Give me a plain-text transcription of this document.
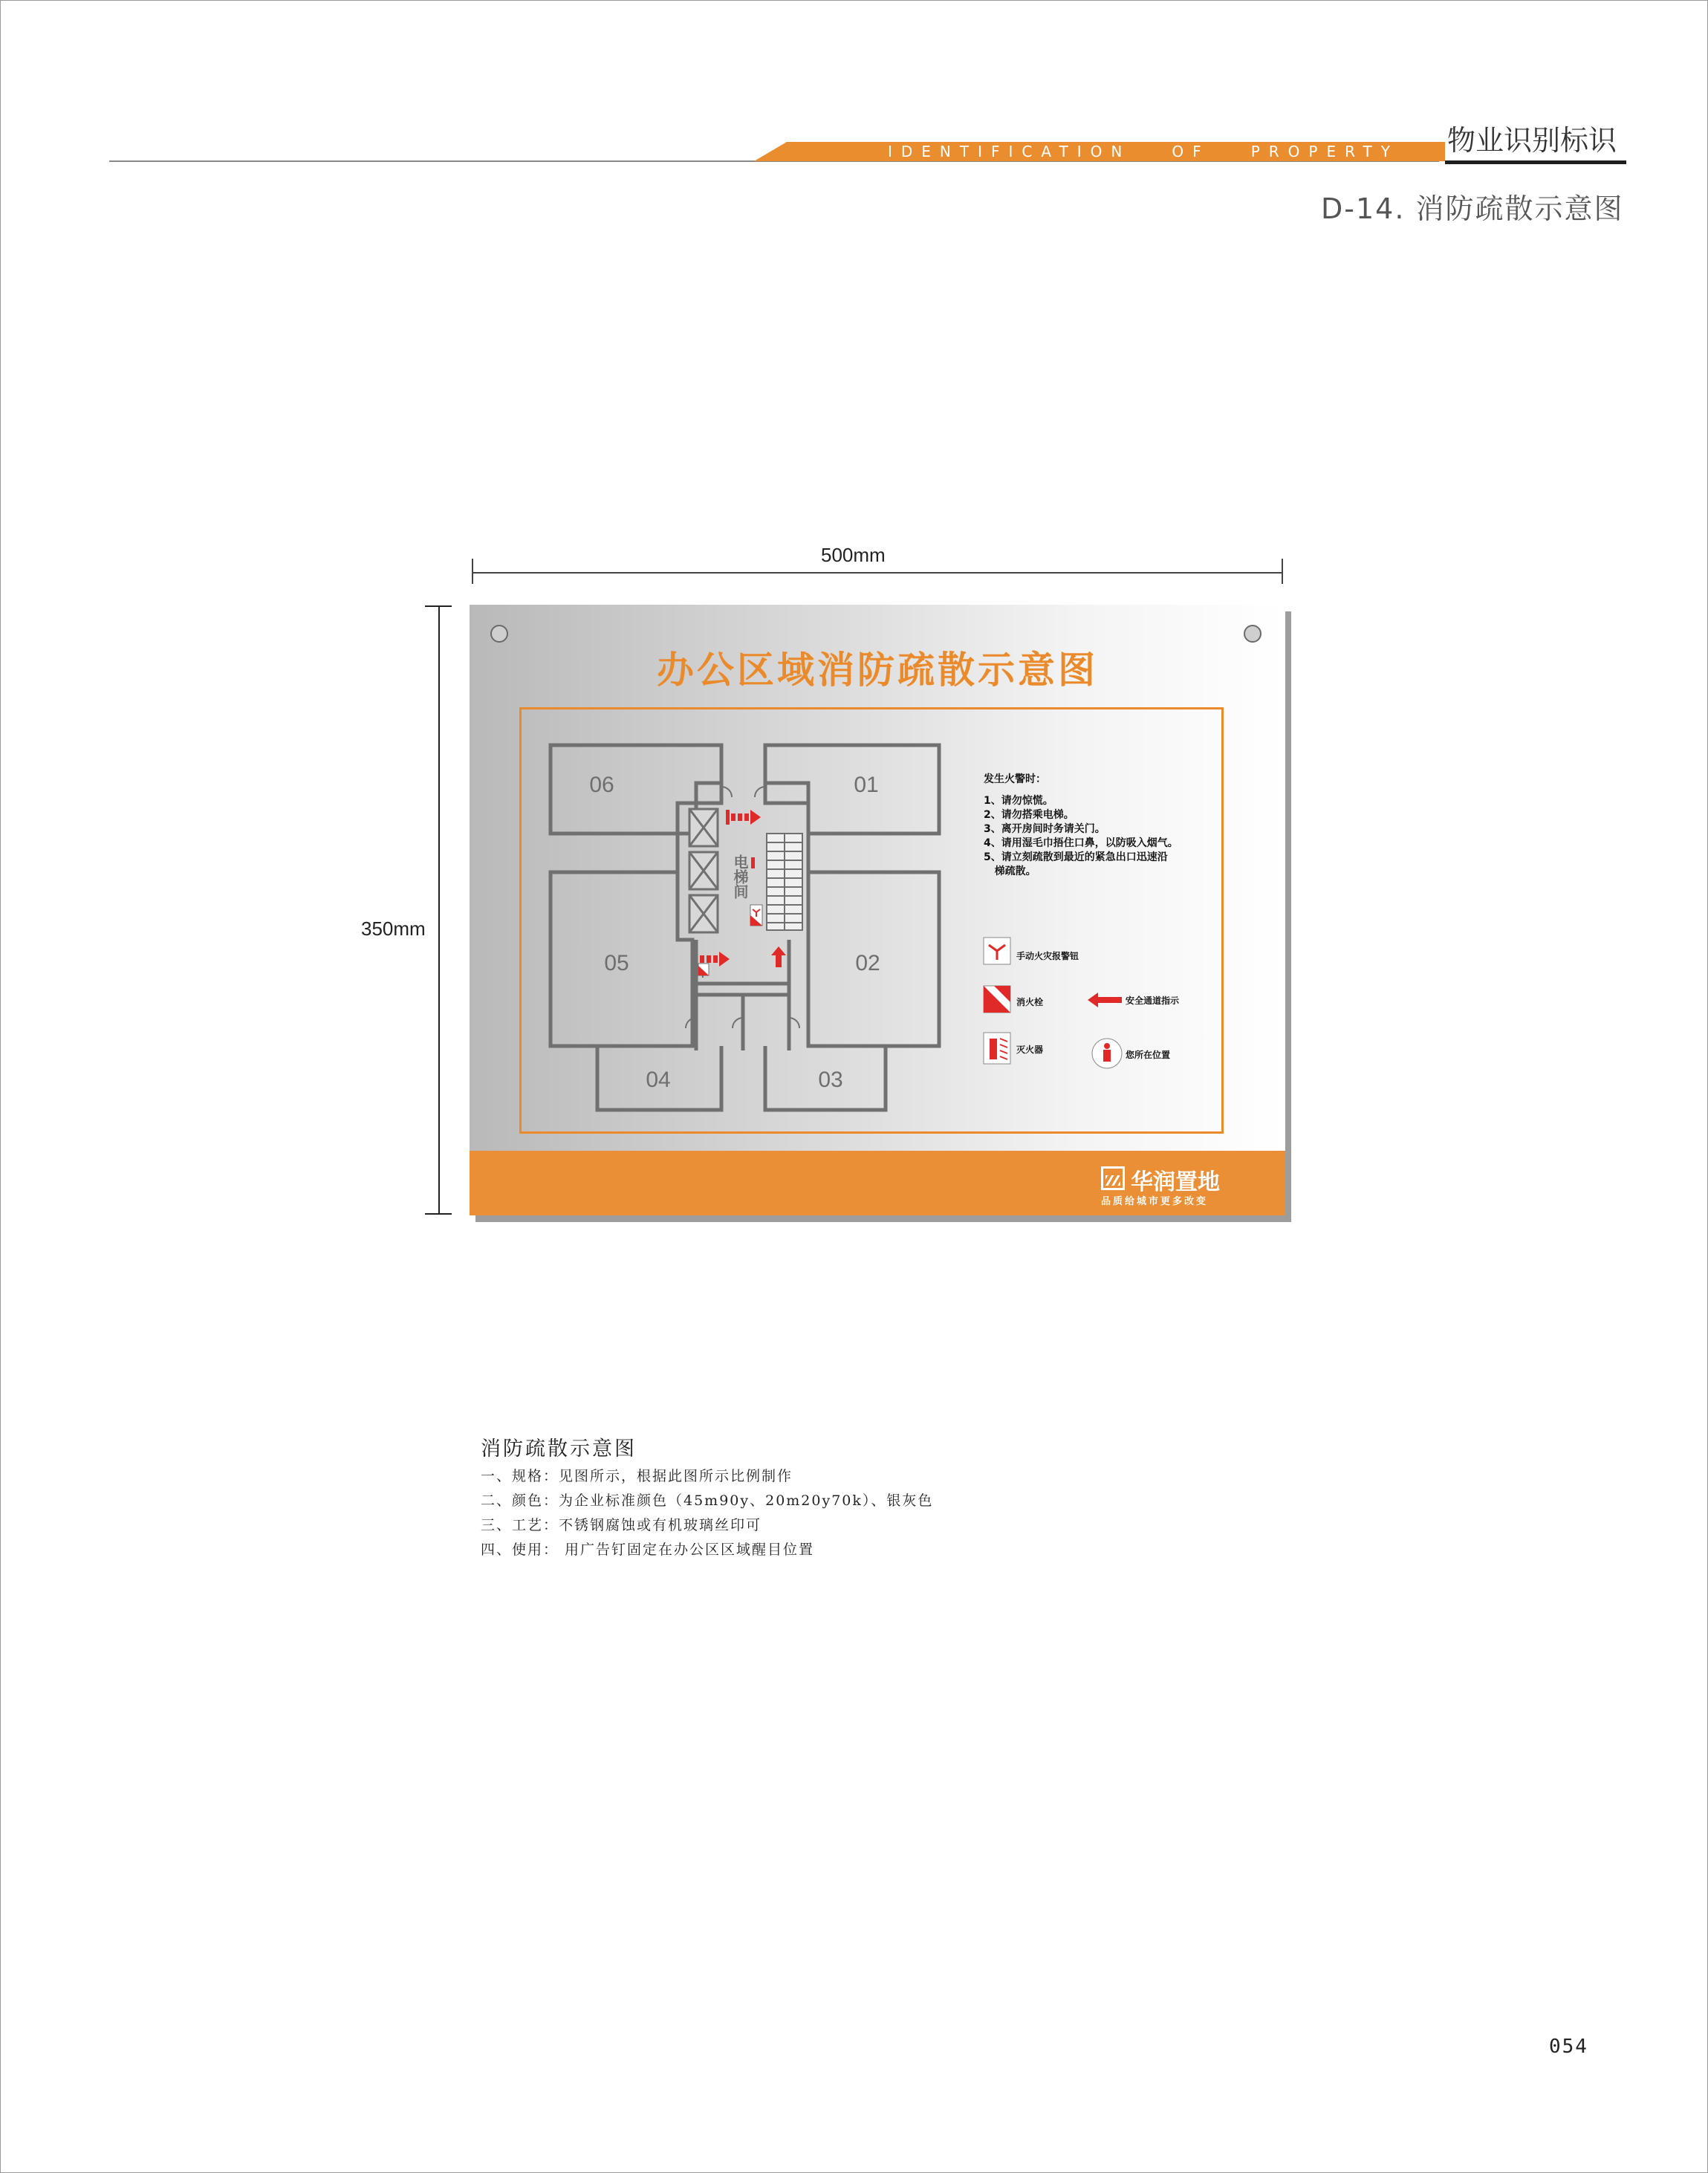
IDENTIFICATION   OF   PROPERTY	物业识别标识
D-14. 消防疏散示意图
500mm
350mm
办公区域消防疏散示意图
06	01
05	02
04	03
电梯间
手动火灾报警钮
消火栓	安全通道指示
灭火器	您所在位置
华润置地
品质给城市更多改变
发生火警时：
1、请勿惊慌。
2、请勿搭乘电梯。
3、离开房间时务请关门。
4、请用湿毛巾捂住口鼻，以防吸入烟气。
5、请立刻疏散到最近的紧急出口迅速沿
梯疏散。
消防疏散示意图
一、规格：见图所示，根据此图所示比例制作
二、颜色：为企业标准颜色（45m90y、20m20y70k）、银灰色
三、工艺：不锈钢腐蚀或有机玻璃丝印可
四、使用： 用广告钉固定在办公区区域醒目位置
054
